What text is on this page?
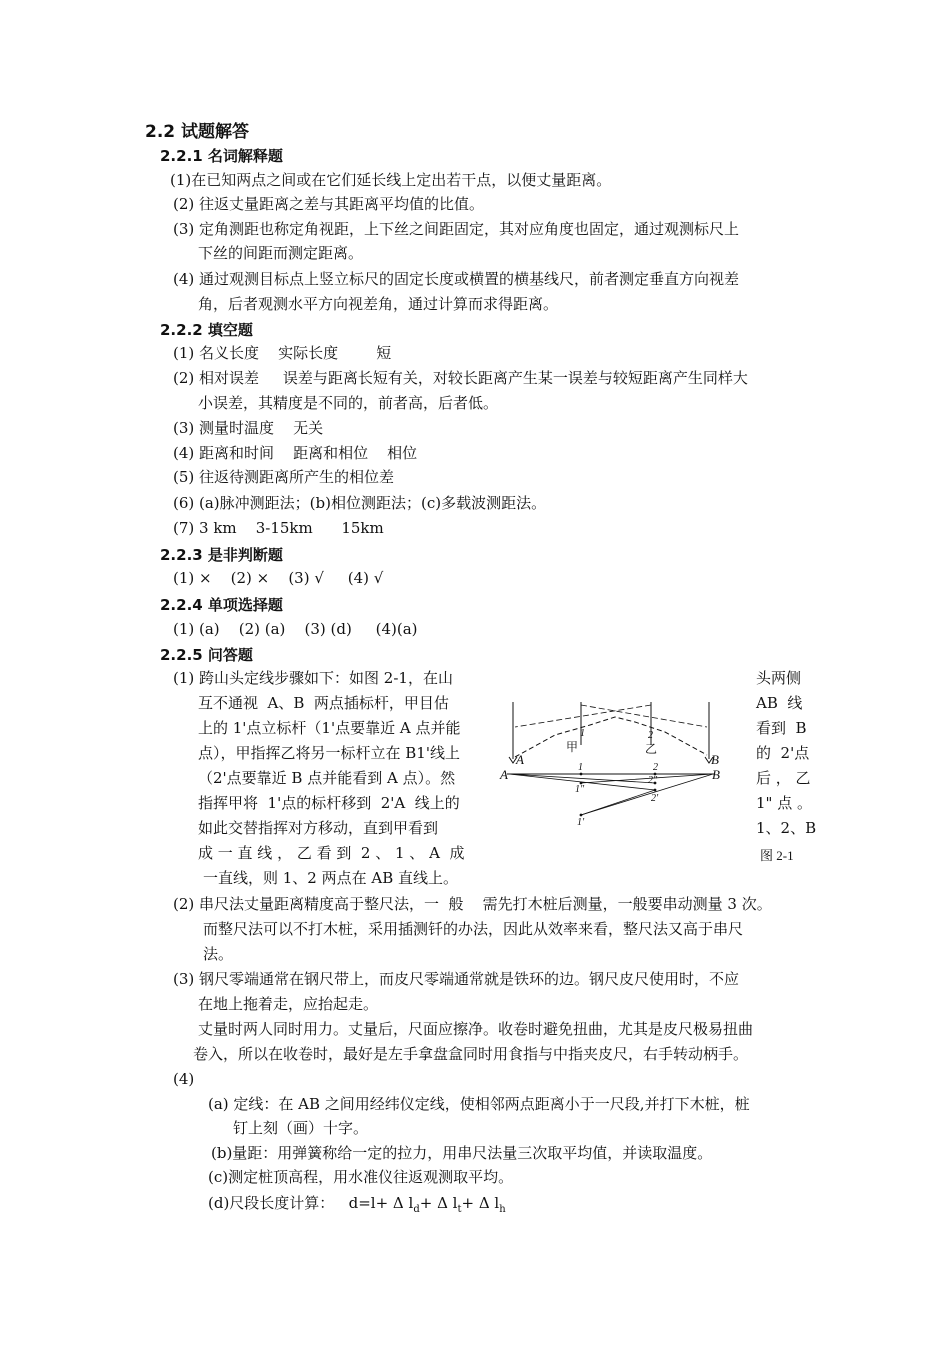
2.2 试题解答
2.2.1 名词解释题
(1)在已知两点之间或在它们延长线上定出若干点，以便丈量距离。
(2) 往返丈量距离之差与其距离平均值的比值。
(3) 定角测距也称定角视距，上下丝之间距固定，其对应角度也固定，通过观测标尺上
下丝的间距而测定距离。
(4) 通过观测目标点上竖立标尺的固定长度或横置的横基线尺，前者测定垂直方向视差
角，后者观测水平方向视差角，通过计算而求得距离。
2.2.2 填空题
(1) 名义长度    实际长度        短
(2) 相对误差     误差与距离长短有关，对较长距离产生某一误差与较短距离产生同样大
小误差，其精度是不同的，前者高，后者低。
(3) 测量时温度    无关
(4) 距离和时间    距离和相位    相位
(5) 往返待测距离所产生的相位差
(6) (a)脉冲测距法；(b)相位测距法；(c)多载波测距法。
(7) 3 km    3-15km      15km
2.2.3 是非判断题
(1) ×    (2) ×    (3) √     (4) √
2.2.4 单项选择题
(1) (a)    (2) (a)    (3) (d)     (4)(a)
2.2.5 问答题
(1) 跨山头定线步骤如下：如图 2-1，在山
互不通视  A、B  两点插标杆，甲目估
上的 1'点立标杆（1'点要靠近 A 点并能
点），甲指挥乙将另一标杆立在 B1'线上
（2'点要靠近 B 点并能看到 A 点）。然
指挥甲将  1'点的标杆移到  2'A  线上的
如此交替指挥对方移动，直到甲看到
成 一 直 线 ， 乙 看 到  2 、 1 、 A  成
一直线，则 1、2 两点在 AB 直线上。
头两侧
AB  线
看到  B
的  2'点
后 ， 乙
1" 点 。
1、2、B
A	B
A	B
甲	乙
1	2
1	2
1"
2"
2'
1'
图 2-1
(2) 串尺法丈量距离精度高于整尺法，一  般    需先打木桩后测量，一般要串动测量 3 次。
而整尺法可以不打木桩，采用插测钎的办法，因此从效率来看，整尺法又高于串尺
法。
(3) 钢尺零端通常在钢尺带上，而皮尺零端通常就是铁环的边。钢尺皮尺使用时，不应
在地上拖着走，应抬起走。
丈量时两人同时用力。丈量后，尺面应擦净。收卷时避免扭曲，尤其是皮尺极易扭曲
卷入，所以在收卷时，最好是左手拿盘盒同时用食指与中指夹皮尺，右手转动柄手。
(4)
(a) 定线：在 AB 之间用经纬仪定线，使相邻两点距离小于一尺段,并打下木桩，桩
钉上刻（画）十字。
(b)量距：用弹簧称给一定的拉力，用串尺法量三次取平均值，并读取温度。
(c)测定桩顶高程，用水准仪往返观测取平均。
(d)尺段长度计算：   d=l+ Δ $l_d+ \Delta$ $l_t+ \Delta$ $l_h$
